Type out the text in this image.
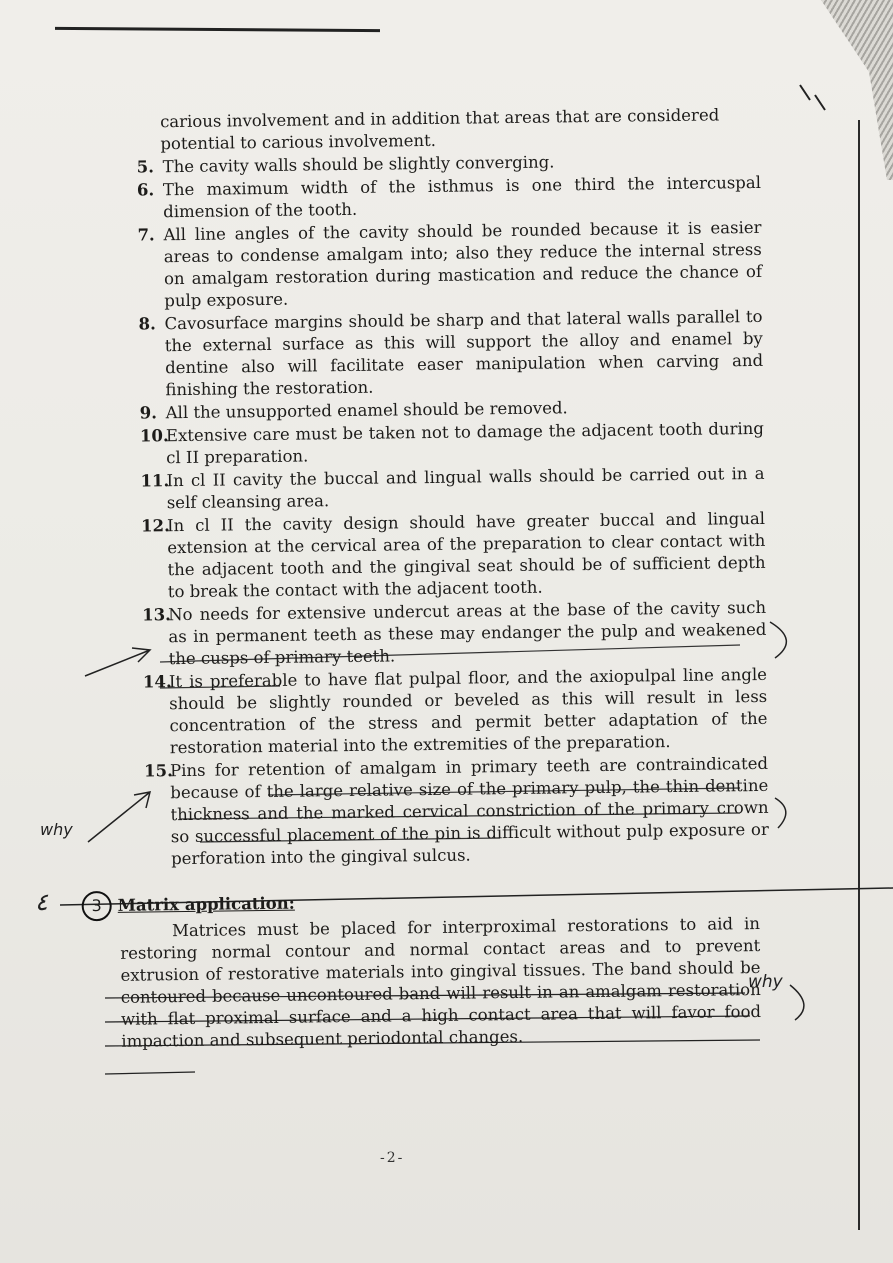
why
why
٤
carious involvement and in addition that areas that are considered potential to carious involvement.
5. The cavity walls should be slightly converging.
6. The maximum width of the isthmus is one third the intercuspal dimension of the tooth.
7. All line angles of the cavity should be rounded because it is easier areas to condense amalgam into; also they reduce the internal stress on amalgam restoration during mastication and reduce the chance of pulp exposure.
8. Cavosurface margins should be sharp and that lateral walls parallel to the external surface as this will support the alloy and enamel by dentine also will facilitate easer manipulation when carving and finishing the restoration.
9. All the unsupported enamel should be removed.
10.
Extensive care must be taken not to damage the adjacent tooth during cl II preparation.
11.
In cl II cavity the buccal and lingual walls should be carried out in a self cleansing area.
12.
In cl II the cavity design should have greater buccal and lingual extension at the cervical area of the preparation to clear contact with the adjacent tooth and the gingival seat should be of sufficient depth to break the contact with the adjacent tooth.
13.
No needs for extensive undercut areas at the base of the cavity such as in permanent teeth as these may endanger the pulp and weakened the cusps of primary teeth.
14.
It is preferable to have flat pulpal floor, and the axiopulpal line angle should be slightly rounded or beveled as this will result in less concentration of the stress and permit better adaptation of the restoration material into the extremities of the preparation.
15.
Pins for retention of amalgam in primary teeth are contraindicated because of the large relative size of the primary pulp, the thin dentine thickness and the marked cervical constriction of the primary crown so successful placement of the pin is difficult without pulp exposure or perforation into the gingival sulcus.
3 Matrix application:
Matrices must be placed for interproximal restorations to aid in restoring normal contour and normal contact areas and to prevent extrusion of restorative materials into gingival tissues. The band should be contoured because uncontoured band will result in an amalgam restoration with flat proximal surface and a high contact area that will favor food impaction and subsequent periodontal changes.
-2-
